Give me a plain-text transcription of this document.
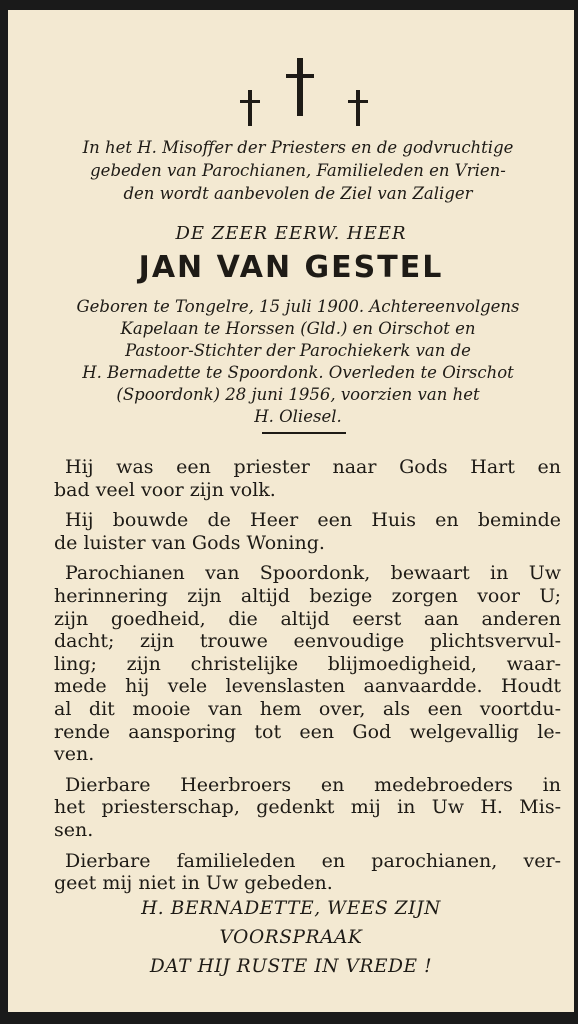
In het H. Misoffer der Priesters en de godvruchtige
gebeden van Parochianen, Familieleden en Vrien-
den wordt aanbevolen de Ziel van Zaliger
DE ZEER EERW. HEER
JAN VAN GESTEL
Geboren te Tongelre, 15 juli 1900. Achtereenvolgens
Kapelaan te Horssen (Gld.) en Oirschot en
Pastoor-Stichter der Parochiekerk van de
H. Bernadette te Spoordonk. Overleden te Oirschot
(Spoordonk) 28 juni 1956, voorzien van het
H. Oliesel.

Hij was een priester naar Gods Hart en
bad veel voor zijn volk.

Hij bouwde de Heer een Huis en beminde
de luister van Gods Woning.

Parochianen van Spoordonk, bewaart in Uw
herinnering zijn altijd bezige zorgen voor U;
zijn goedheid, die altijd eerst aan anderen
dacht; zijn trouwe eenvoudige plichtsvervul-
ling; zijn christelijke blijmoedigheid, waar-
mede hij vele levenslasten aanvaardde. Houdt
al dit mooie van hem over, als een voortdu-
rende aansporing tot een God welgevallig le-
ven.

Dierbare Heerbroers en medebroeders in
het priesterschap, gedenkt mij in Uw H. Mis-
sen.

Dierbare familieleden en parochianen, ver-
geet mij niet in Uw gebeden.

H. BERNADETTE, WEES ZIJN
VOORSPRAAK
DAT HIJ RUSTE IN VREDE !
